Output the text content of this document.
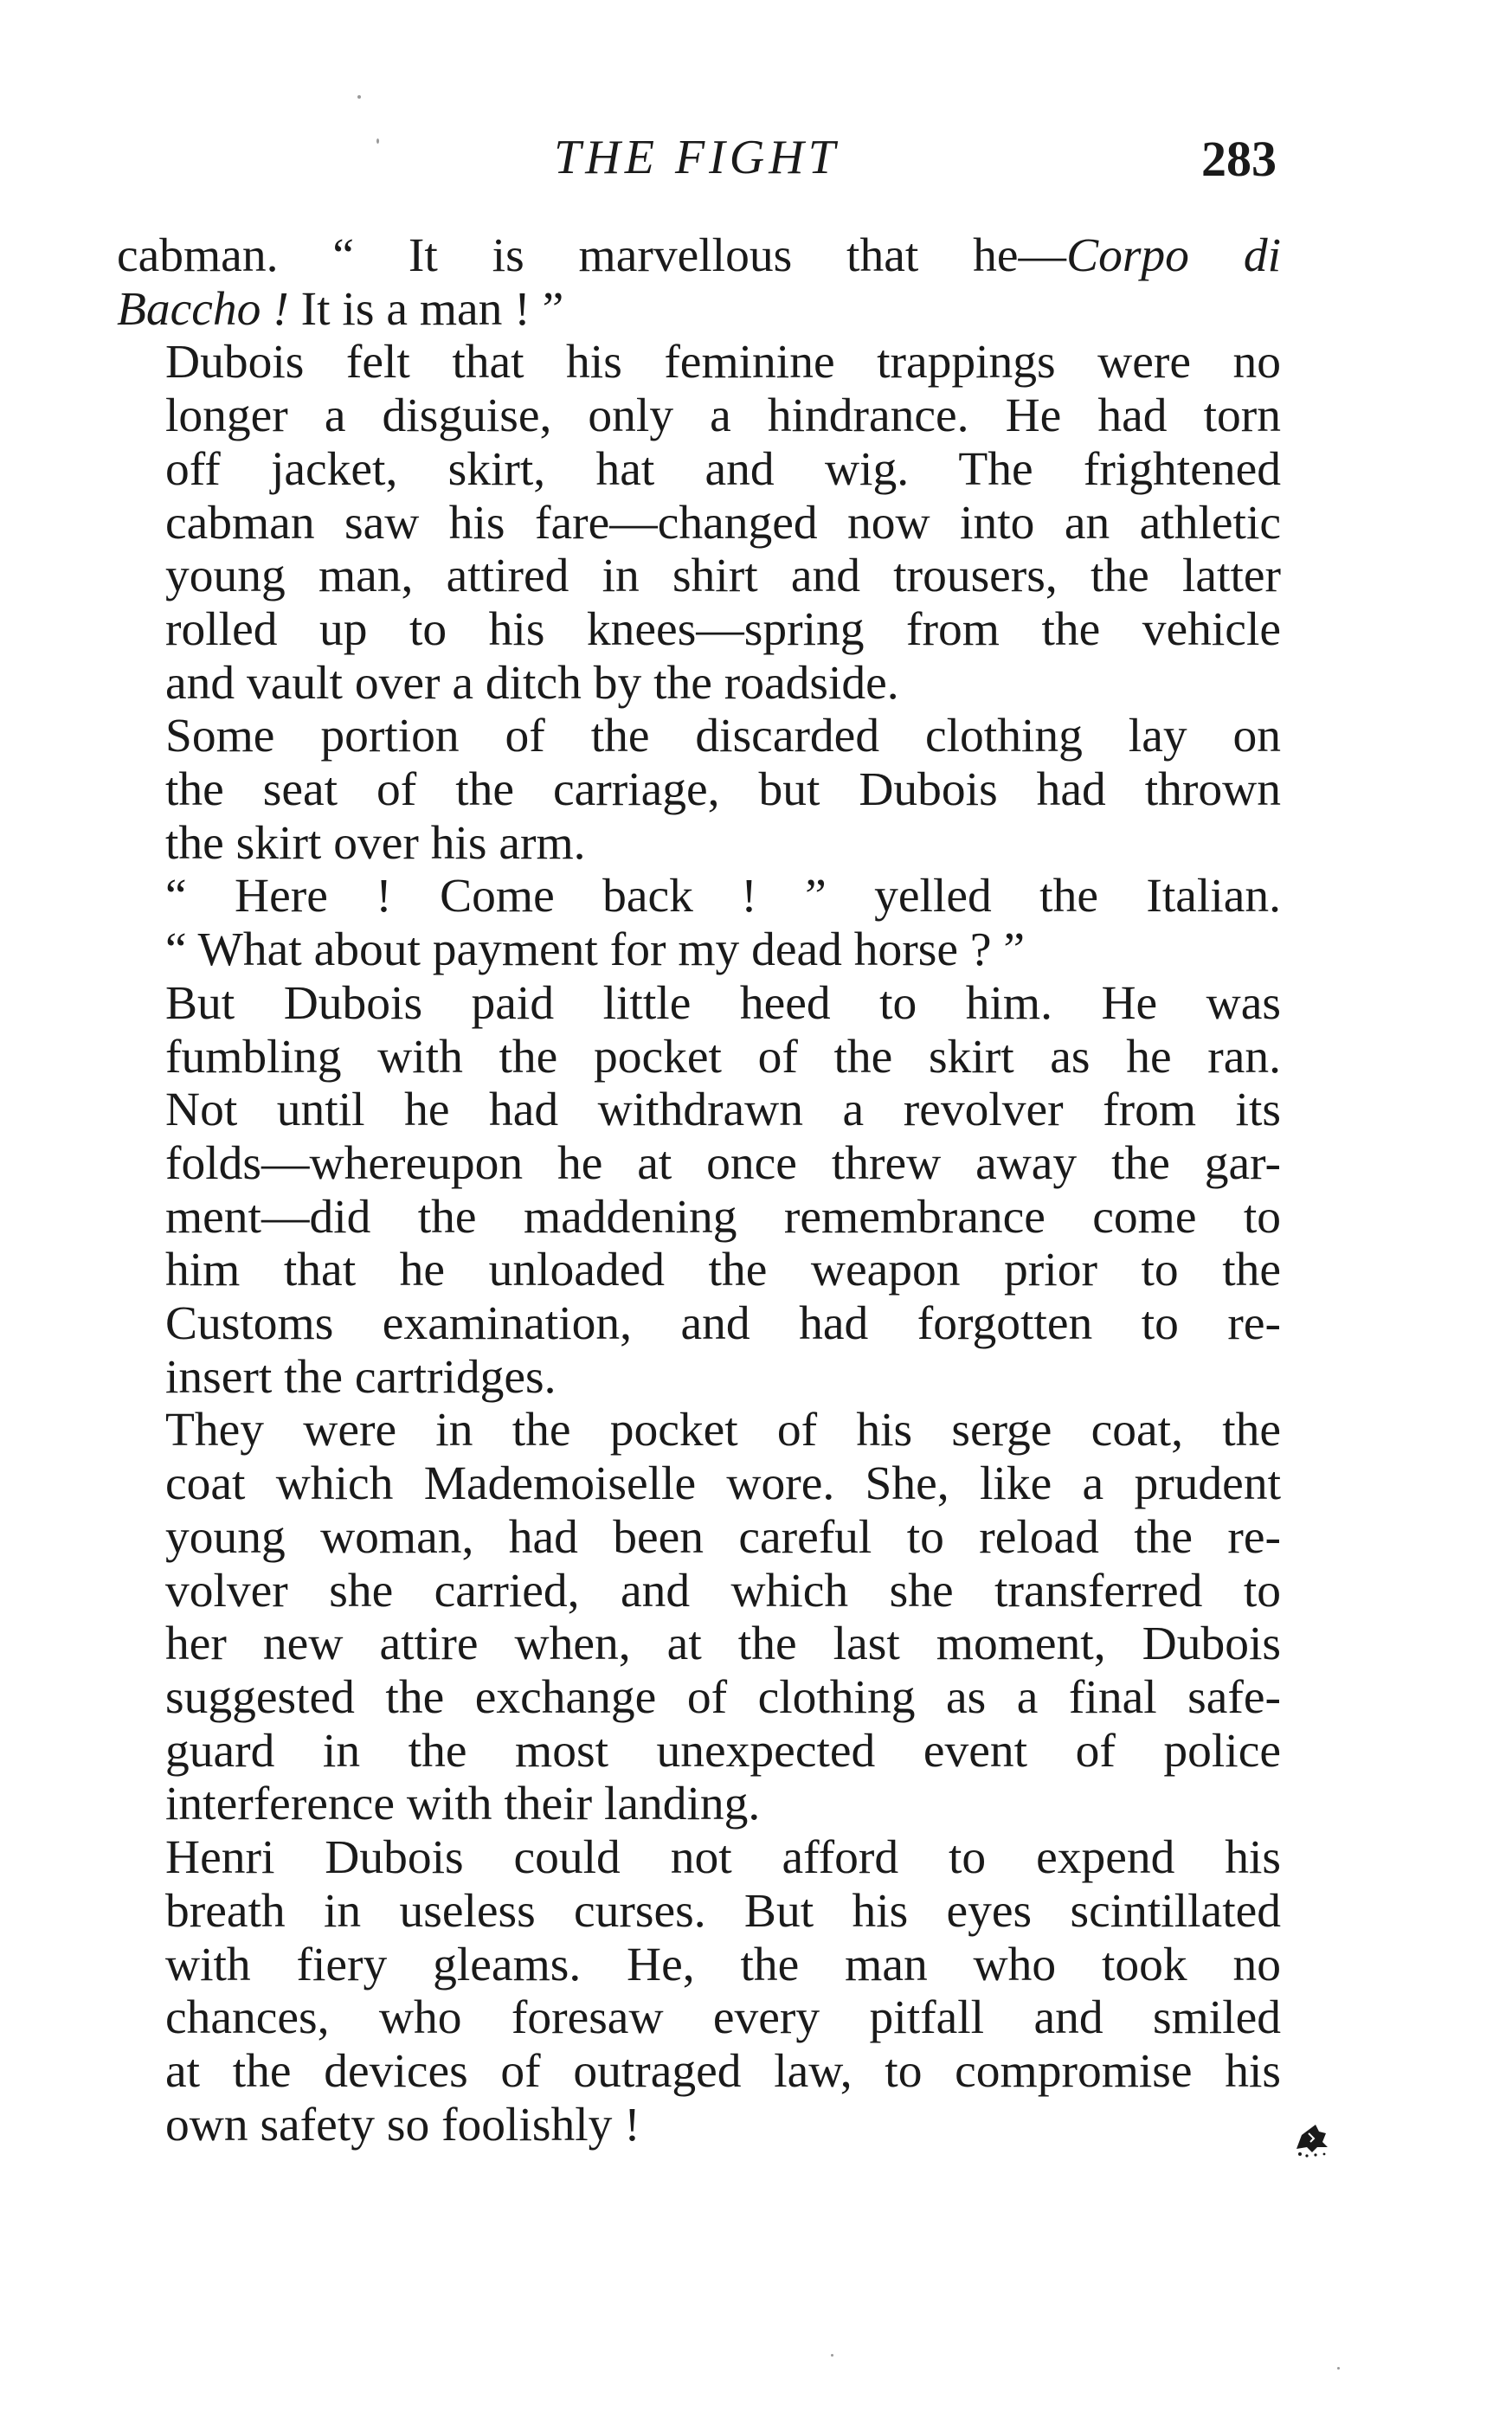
THE FIGHT	283

cabman. “ It is marvellous that he—Corpo di
Baccho ! It is a man ! ”

Dubois felt that his feminine trappings were no
longer a disguise, only a hindrance. He had torn
off jacket, skirt, hat and wig. The frightened
cabman saw his fare—changed now into an athletic
young man, attired in shirt and trousers, the latter
rolled up to his knees—spring from the vehicle
and vault over a ditch by the roadside.

Some portion of the discarded clothing lay on
the seat of the carriage, but Dubois had thrown
the skirt over his arm.

“ Here ! Come back ! ” yelled the Italian.
“ What about payment for my dead horse ? ”

But Dubois paid little heed to him. He was
fumbling with the pocket of the skirt as he ran.
Not until he had withdrawn a revolver from its
folds—whereupon he at once threw away the gar-
ment—did the maddening remembrance come to
him that he unloaded the weapon prior to the
Customs examination, and had forgotten to re-
insert the cartridges.

They were in the pocket of his serge coat, the
coat which Mademoiselle wore. She, like a prudent
young woman, had been careful to reload the re-
volver she carried, and which she transferred to
her new attire when, at the last moment, Dubois
suggested the exchange of clothing as a final safe-
guard in the most unexpected event of police
interference with their landing.

Henri Dubois could not afford to expend his
breath in useless curses. But his eyes scintillated
with fiery gleams. He, the man who took no
chances, who foresaw every pitfall and smiled
at the devices of outraged law, to compromise his
own safety so foolishly !
